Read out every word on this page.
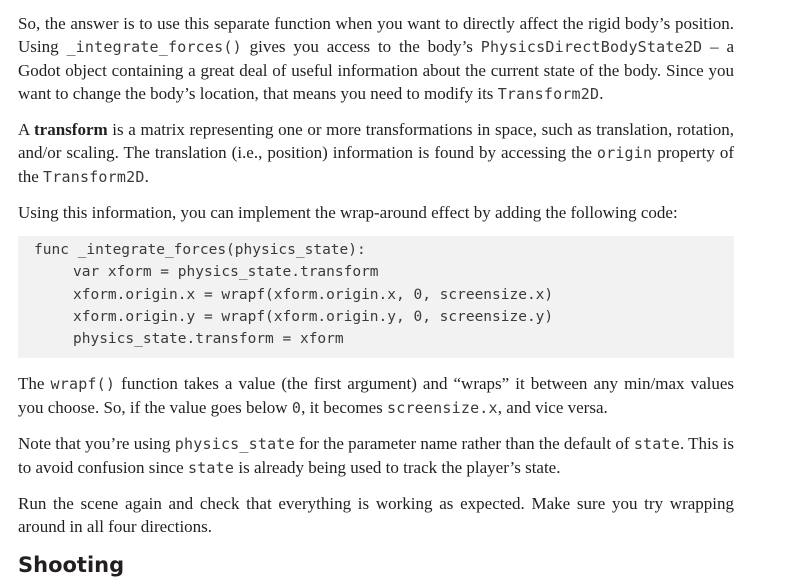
So, the answer is to use this separate function when you want to directly affect the rigid body’s position. Using _integrate_forces() gives you access to the body’s PhysicsDirectBodyState2D – a Godot object containing a great deal of useful information about the current state of the body. Since you want to change the body’s location, that means you need to modify its Transform2D.

A transform is a matrix representing one or more transformations in space, such as translation, rotation, and/or scaling. The translation (i.e., position) information is found by accessing the origin property of the Transform2D.

Using this information, you can implement the wrap-around effect by adding the following code:

func _integrate_forces(physics_state):
var xform = physics_state.transform
xform.origin.x = wrapf(xform.origin.x, 0, screensize.x)
xform.origin.y = wrapf(xform.origin.y, 0, screensize.y)
physics_state.transform = xform

The wrapf() function takes a value (the first argument) and “wraps” it between any min/max values you choose. So, if the value goes below 0, it becomes screensize.x, and vice versa.

Note that you’re using physics_state for the parameter name rather than the default of state. This is to avoid confusion since state is already being used to track the player’s state.

Run the scene again and check that everything is working as expected. Make sure you try wrapping around in all four directions.

Shooting
